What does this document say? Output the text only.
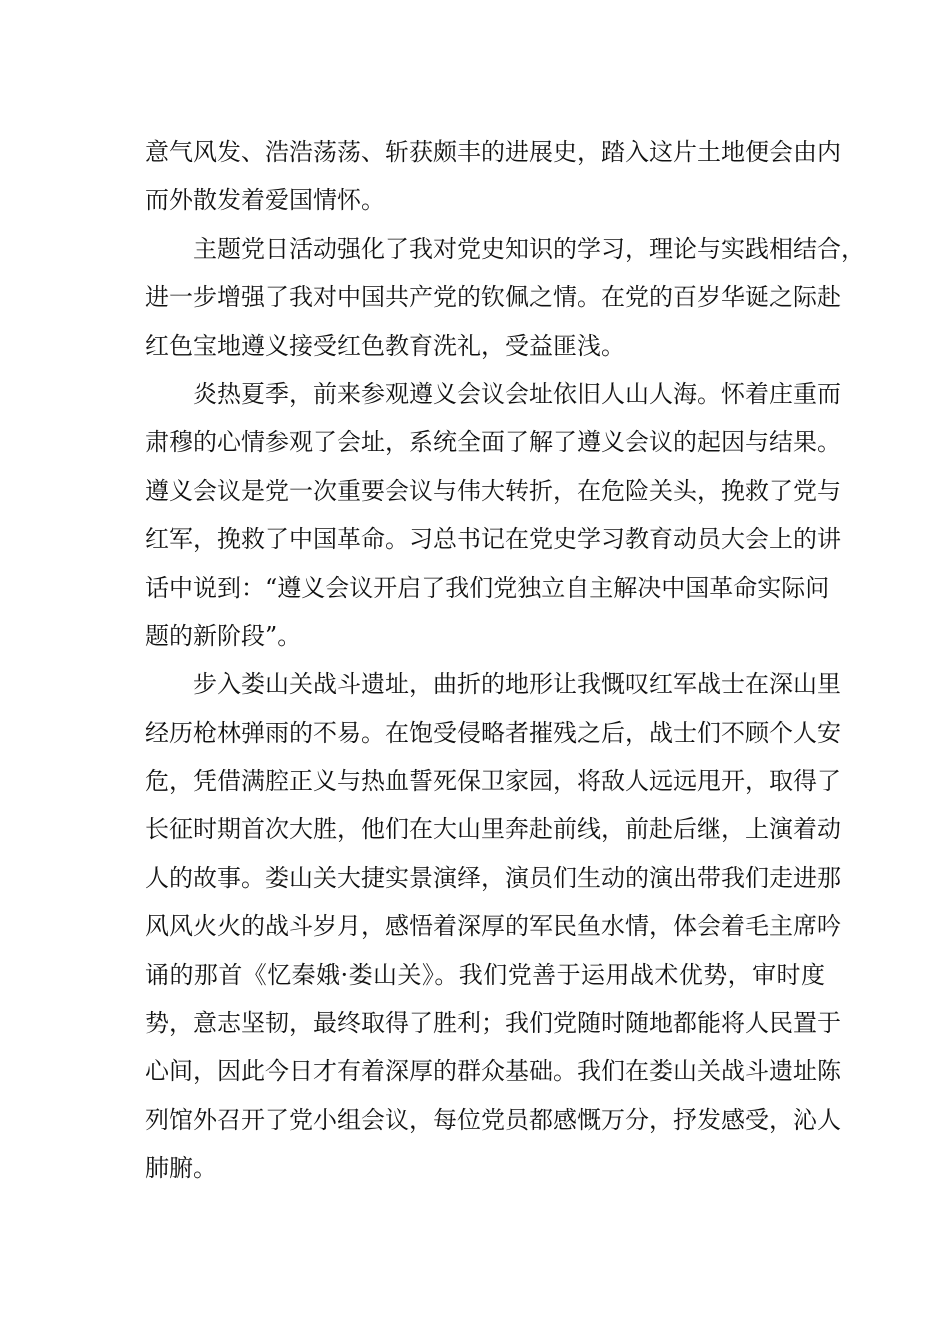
意气风发、浩浩荡荡、斩获颇丰的进展史，踏入这片土地便会由内
而外散发着爱国情怀。
主题党日活动强化了我对党史知识的学习，理论与实践相结合，
进一步增强了我对中国共产党的钦佩之情。在党的百岁华诞之际赴
红色宝地遵义接受红色教育洗礼，受益匪浅。
炎热夏季，前来参观遵义会议会址依旧人山人海。怀着庄重而
肃穆的心情参观了会址，系统全面了解了遵义会议的起因与结果。
遵义会议是党一次重要会议与伟大转折，在危险关头，挽救了党与
红军，挽救了中国革命。习总书记在党史学习教育动员大会上的讲
话中说到：“遵义会议开启了我们党独立自主解决中国革命实际问
题的新阶段”。
步入娄山关战斗遗址，曲折的地形让我慨叹红军战士在深山里
经历枪林弹雨的不易。在饱受侵略者摧残之后，战士们不顾个人安
危，凭借满腔正义与热血誓死保卫家园，将敌人远远甩开，取得了
长征时期首次大胜，他们在大山里奔赴前线，前赴后继，上演着动
人的故事。娄山关大捷实景演绎，演员们生动的演出带我们走进那
风风火火的战斗岁月，感悟着深厚的军民鱼水情，体会着毛主席吟
诵的那首《忆秦娥·娄山关》。我们党善于运用战术优势，审时度
势，意志坚韧，最终取得了胜利；我们党随时随地都能将人民置于
心间，因此今日才有着深厚的群众基础。我们在娄山关战斗遗址陈
列馆外召开了党小组会议，每位党员都感慨万分，抒发感受，沁人
肺腑。
